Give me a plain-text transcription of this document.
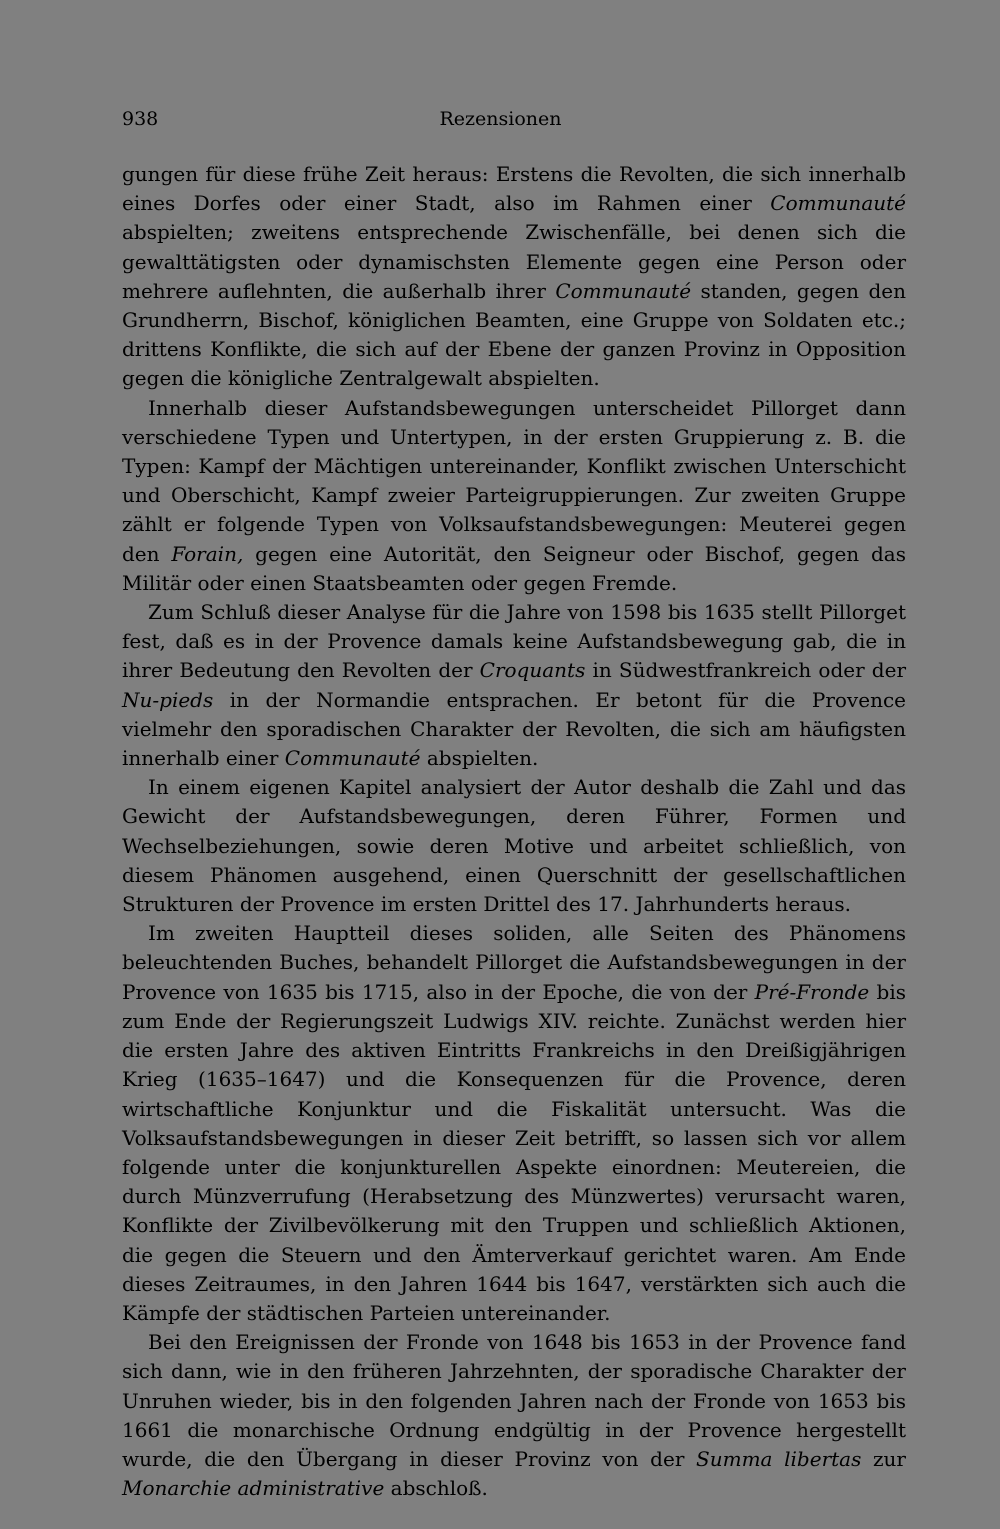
938	Rezensionen

gungen für diese frühe Zeit heraus: Erstens die Revolten, die sich innerhalb eines Dorfes oder einer Stadt, also im Rahmen einer Communauté abspielten; zweitens entsprechende Zwischenfälle, bei denen sich die gewalttätigsten oder dynamischsten Elemente gegen eine Person oder mehrere auflehnten, die außerhalb ihrer Communauté standen, gegen den Grundherrn, Bischof, königlichen Beamten, eine Gruppe von Soldaten etc.; drittens Konflikte, die sich auf der Ebene der ganzen Provinz in Opposition gegen die königliche Zentralgewalt abspielten.

Innerhalb dieser Aufstandsbewegungen unterscheidet Pillorget dann verschiedene Typen und Untertypen, in der ersten Gruppierung z. B. die Typen: Kampf der Mächtigen untereinander, Konflikt zwischen Unterschicht und Oberschicht, Kampf zweier Parteigruppierungen. Zur zweiten Gruppe zählt er folgende Typen von Volksaufstandsbewegungen: Meuterei gegen den Forain, gegen eine Autorität, den Seigneur oder Bischof, gegen das Militär oder einen Staatsbeamten oder gegen Fremde.

Zum Schluß dieser Analyse für die Jahre von 1598 bis 1635 stellt Pillorget fest, daß es in der Provence damals keine Aufstandsbewegung gab, die in ihrer Bedeutung den Revolten der Croquants in Südwestfrankreich oder der Nu-pieds in der Normandie entsprachen. Er betont für die Provence vielmehr den sporadischen Charakter der Revolten, die sich am häufigsten innerhalb einer Communauté abspielten.

In einem eigenen Kapitel analysiert der Autor deshalb die Zahl und das Gewicht der Aufstandsbewegungen, deren Führer, Formen und Wechselbeziehungen, sowie deren Motive und arbeitet schließlich, von diesem Phänomen ausgehend, einen Querschnitt der gesellschaftlichen Strukturen der Provence im ersten Drittel des 17. Jahrhunderts heraus.

Im zweiten Hauptteil dieses soliden, alle Seiten des Phänomens beleuchtenden Buches, behandelt Pillorget die Aufstandsbewegungen in der Provence von 1635 bis 1715, also in der Epoche, die von der Pré-Fronde bis zum Ende der Regierungszeit Ludwigs XIV. reichte. Zunächst werden hier die ersten Jahre des aktiven Eintritts Frankreichs in den Dreißigjährigen Krieg (1635–1647) und die Konsequenzen für die Provence, deren wirtschaftliche Konjunktur und die Fiskalität untersucht. Was die Volksaufstandsbewegungen in dieser Zeit betrifft, so lassen sich vor allem folgende unter die konjunkturellen Aspekte einordnen: Meutereien, die durch Münzverrufung (Herabsetzung des Münzwertes) verursacht waren, Konflikte der Zivilbevölkerung mit den Truppen und schließlich Aktionen, die gegen die Steuern und den Ämterverkauf gerichtet waren. Am Ende dieses Zeitraumes, in den Jahren 1644 bis 1647, verstärkten sich auch die Kämpfe der städtischen Parteien untereinander.

Bei den Ereignissen der Fronde von 1648 bis 1653 in der Provence fand sich dann, wie in den früheren Jahrzehnten, der sporadische Charakter der Unruhen wieder, bis in den folgenden Jahren nach der Fronde von 1653 bis 1661 die monarchische Ordnung endgültig in der Provence hergestellt wurde, die den Übergang in dieser Provinz von der Summa libertas zur Monarchie administrative abschloß.
